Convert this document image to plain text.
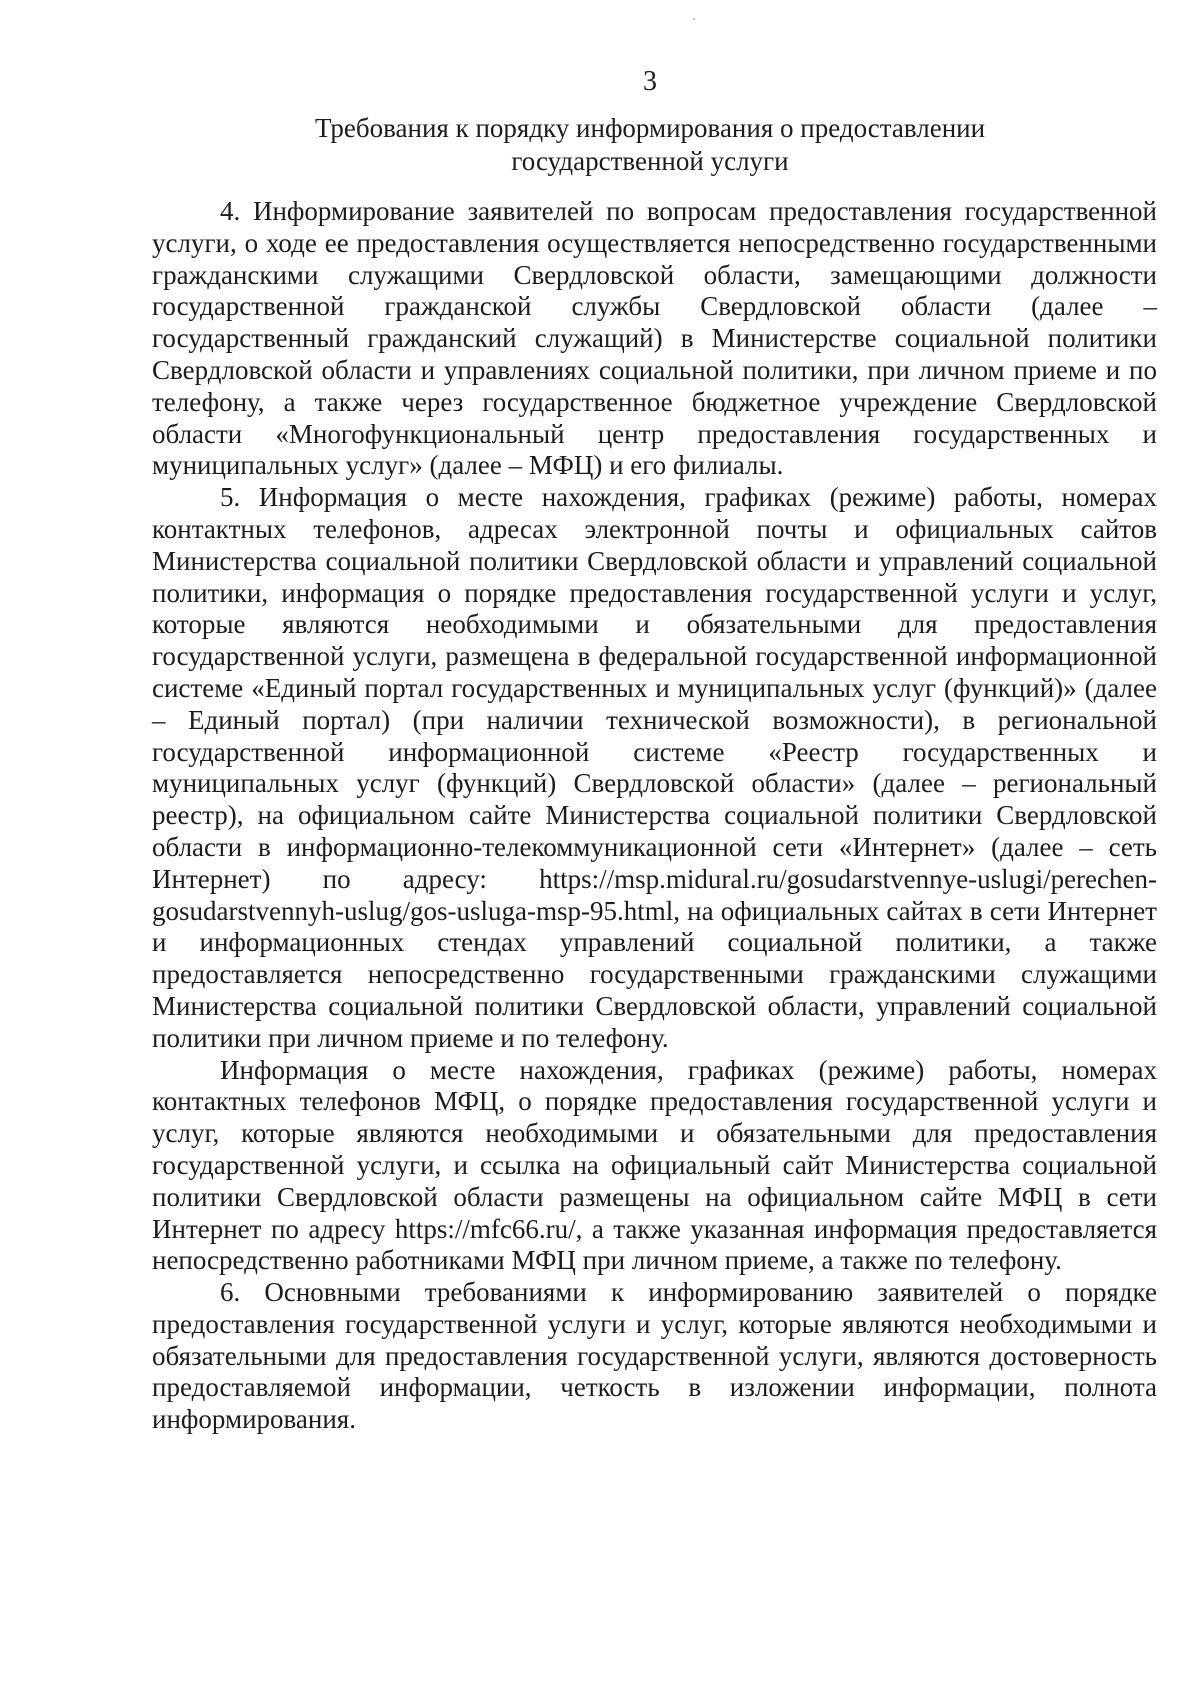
3
Требования к порядку информирования о предоставлении
государственной услуги

4. Информирование заявителей по вопросам предоставления государственной услуги, о ходе ее предоставления осуществляется непосредственно государственными гражданскими служащими Свердловской области, замещающими должности государственной гражданской службы Свердловской области (далее – государственный гражданский служащий) в Министерстве социальной политики Свердловской области и управлениях социальной политики, при личном приеме и по телефону, а также через государственное бюджетное учреждение Свердловской области «Многофункциональный центр предоставления государственных и муниципальных услуг» (далее – МФЦ) и его филиалы.

5. Информация о месте нахождения, графиках (режиме) работы, номерах контактных телефонов, адресах электронной почты и официальных сайтов Министерства социальной политики Свердловской области и управлений социальной политики, информация о порядке предоставления государственной услуги и услуг, которые являются необходимыми и обязательными для предоставления государственной услуги, размещена в федеральной государственной информационной системе «Единый портал государственных и муниципальных услуг (функций)» (далее – Единый портал) (при наличии технической возможности), в региональной государственной информационной системе «Реестр государственных и муниципальных услуг (функций) Свердловской области» (далее – региональный реестр), на официальном сайте Министерства социальной политики Свердловской области в информационно-телекоммуникационной сети «Интернет» (далее – сеть Интернет) по адресу: https://msp.midural.ru/gosudarstvennye-uslugi/perechen-gosudarstvennyh-uslug/gos-usluga-msp-95.html, на официальных сайтах в сети Интернет и информационных стендах управлений социальной политики, а также предоставляется непосредственно государственными гражданскими служащими Министерства социальной политики Свердловской области, управлений социальной политики при личном приеме и по телефону.

Информация о месте нахождения, графиках (режиме) работы, номерах контактных телефонов МФЦ, о порядке предоставления государственной услуги и услуг, которые являются необходимыми и обязательными для предоставления государственной услуги, и ссылка на официальный сайт Министерства социальной политики Свердловской области размещены на официальном сайте МФЦ в сети Интернет по адресу https://mfc66.ru/, а также указанная информация предоставляется непосредственно работниками МФЦ при личном приеме, а также по телефону.

6. Основными требованиями к информированию заявителей о порядке предоставления государственной услуги и услуг, которые являются необходимыми и обязательными для предоставления государственной услуги, являются достоверность предоставляемой информации, четкость в изложении информации, полнота информирования.
